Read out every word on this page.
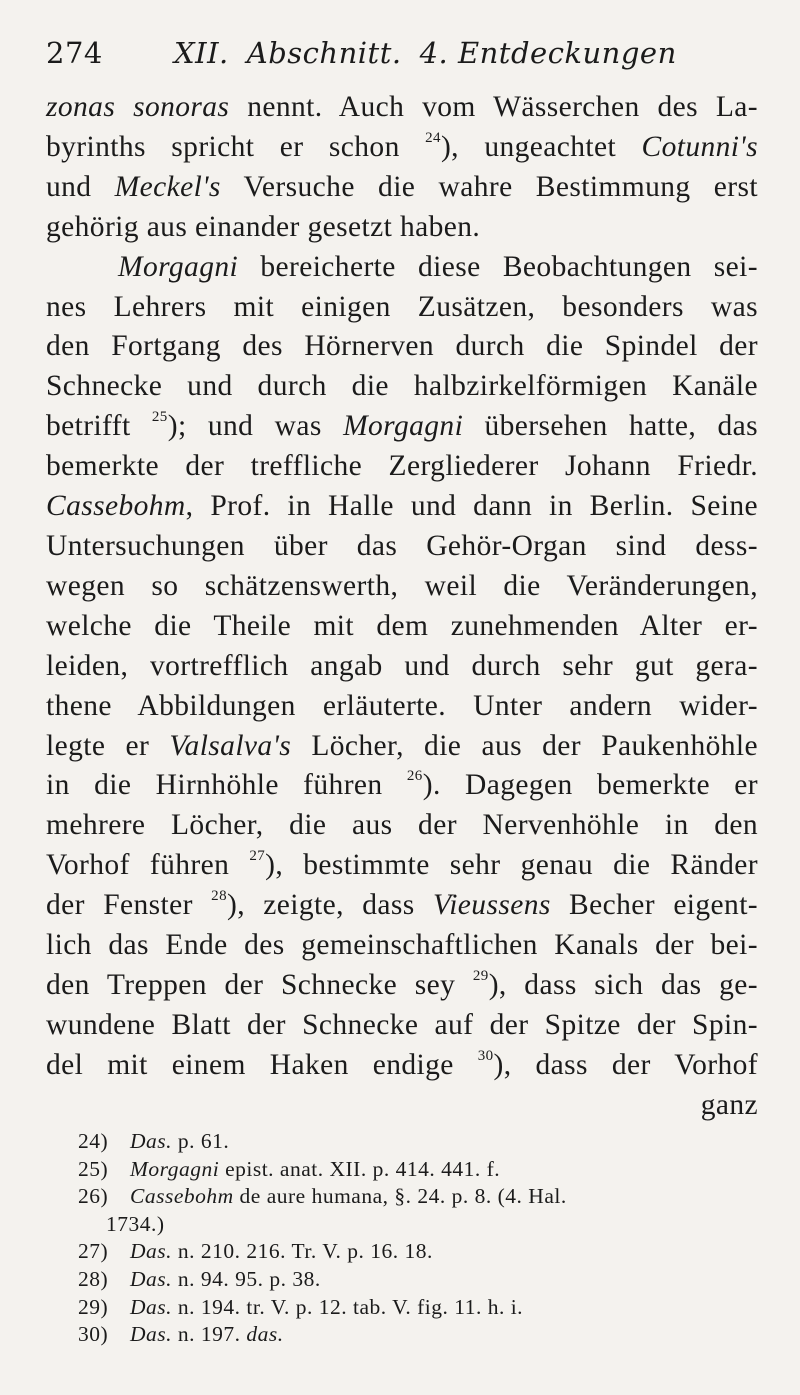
274	XII. Abschnitt. 4. Entdeckungen
zonas sonoras nennt. Auch vom Wässerchen des La-
byrinths spricht er schon $^{24}$), ungeachtet Cotunni's
und Meckel's Versuche die wahre Bestimmung erst
gehörig aus einander gesetzt haben.
Morgagni bereicherte diese Beobachtungen sei-
nes Lehrers mit einigen Zusätzen, besonders was
den Fortgang des Hörnerven durch die Spindel der
Schnecke und durch die halbzirkelförmigen Kanäle
betrifft $^{25}$); und was Morgagni übersehen hatte, das
bemerkte der treffliche Zergliederer Johann Friedr.
Cassebohm, Prof. in Halle und dann in Berlin. Seine
Untersuchungen über das Gehör-Organ sind dess-
wegen so schätzenswerth, weil die Veränderungen,
welche die Theile mit dem zunehmenden Alter er-
leiden, vortrefflich angab und durch sehr gut gera-
thene Abbildungen erläuterte. Unter andern wider-
legte er Valsalva's Löcher, die aus der Paukenhöhle
in die Hirnhöhle führen $^{26}$). Dagegen bemerkte er
mehrere Löcher, die aus der Nervenhöhle in den
Vorhof führen $^{27}$), bestimmte sehr genau die Ränder
der Fenster $^{28}$), zeigte, dass Vieussens Becher eigent-
lich das Ende des gemeinschaftlichen Kanals der bei-
den Treppen der Schnecke sey $^{29}$), dass sich das ge-
wundene Blatt der Schnecke auf der Spitze der Spin-
del mit einem Haken endige $^{30}$), dass der Vorhof
ganz
24) Das. p. 61.
25) Morgagni epist. anat. XII. p. 414. 441. f.
26) Cassebohm de aure humana, §. 24. p. 8. (4. Hal.
1734.)
27) Das. n. 210. 216. Tr. V. p. 16. 18.
28) Das. n. 94. 95. p. 38.
29) Das. n. 194. tr. V. p. 12. tab. V. fig. 11. h. i.
30) Das. n. 197. das.
